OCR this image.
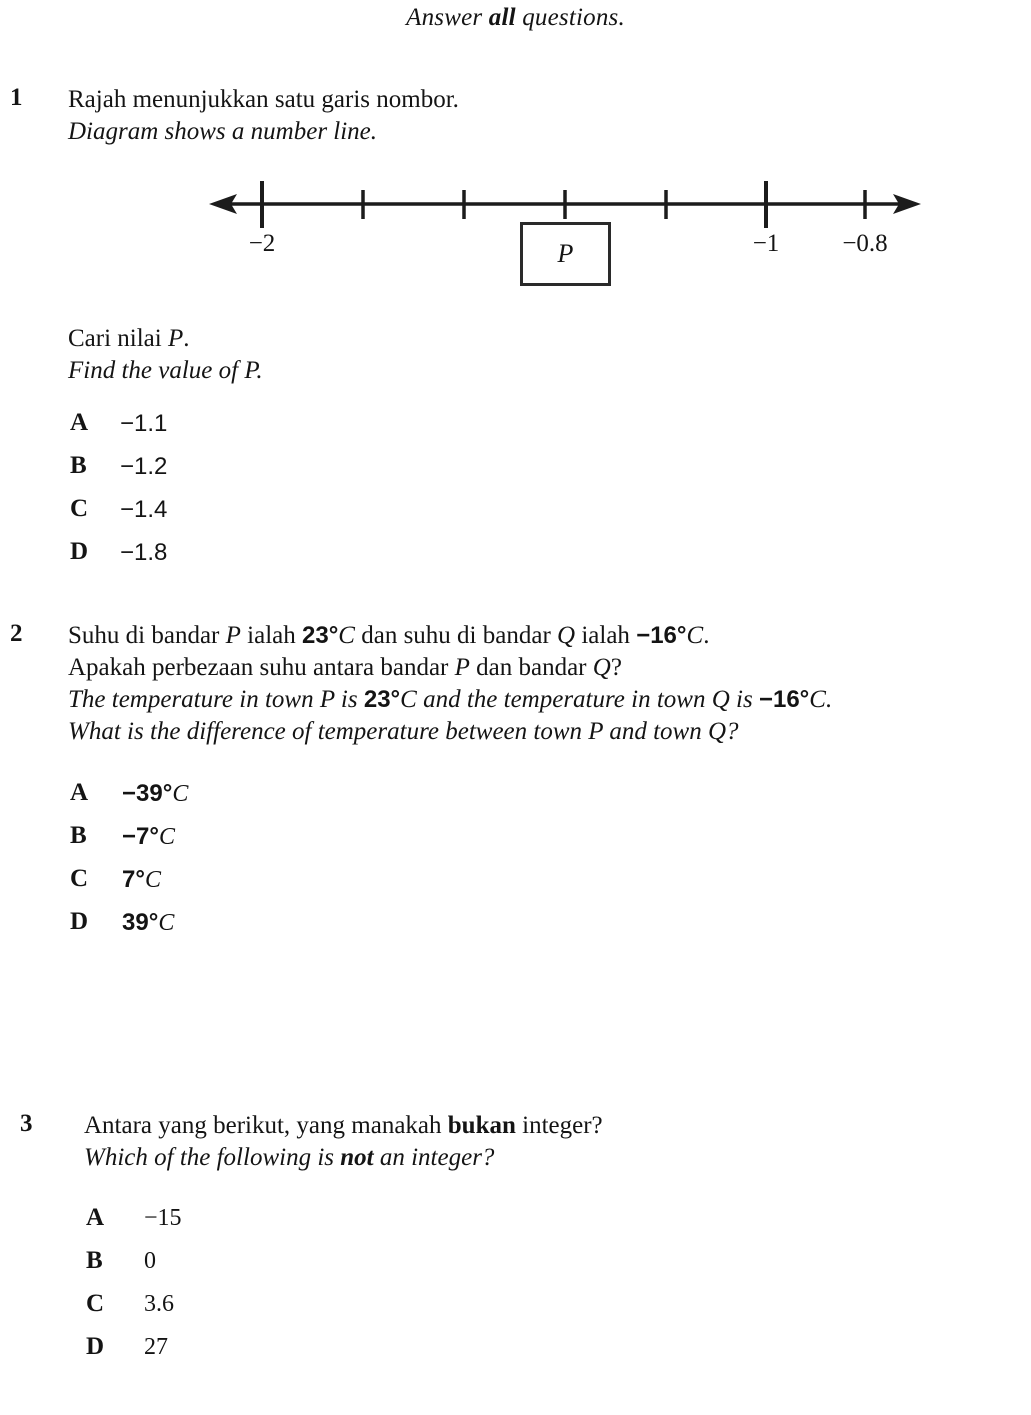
Answer all questions.
1 Rajah menunjukkan satu garis nombor.
Diagram shows a number line.
−2	−1	−0.8
P
Cari nilai P.
Find the value of P.
A −1.1
B −1.2
C −1.4
D −1.8
2 Suhu di bandar P ialah 23°C dan suhu di bandar Q ialah −16°C.
Apakah perbezaan suhu antara bandar P dan bandar Q?
The temperature in town P is 23°C and the temperature in town Q is −16°C.
What is the difference of temperature between town P and town Q?
A −39°C
B −7°C
C 7°C
D 39°C
3 Antara yang berikut, yang manakah bukan integer?
Which of the following is not an integer?
A −15
B 0
C 3.6
D 27
